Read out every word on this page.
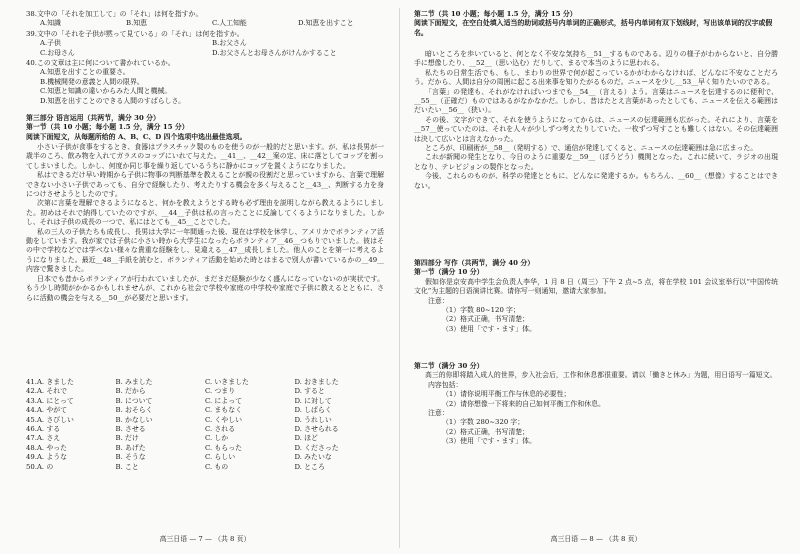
38.文中の「それを加工して」の「それ」は何を指すか。

A.知識	B.知恵	C.人工知能	D.知恵を出すこと

39.文中の「それを子供が黙って見ている」の「それ」は何を指すか。

A.子供	B.お父さん
C.お母さん	D.お父さんとお母さんがけんかすること

40.この文章は主に何について書かれているか。

A.知恵を出すことの重要さ。

B.機械開発の意義と人間の限界。

C.知恵と知識の違いからみた人間と機械。

D.知恵を出すことのできる人間のすばらしさ。

第三部分 语言运用（共两节，满分 30 分）

第一节（共 10 小题；每小题 1.5 分，满分 15 分）

阅读下面短文，从每题所给的 A、B、C、D 四个选项中选出最佳选项。

小さい子供が食事をするとき、食器はプラスチック製のものを使うのが一般的だと思います。が、私は長男が一歳半のころ、飲み物を入れてガラスのコップにいれて与えた。__41__、__42__案の定、床に落としてコップを割ってしまいました。しかし、何度か同じ事を繰り返しているうちに静かにコップを置くようになりました。

私はできるだけ早い時期から子供に物事の判断基準を教えることが親の役割だと思っていますから、言葉で理解できない小さい子供であっても、自分で経験したり、考えたりする機会を多く与えること__43__、判断する力を身につけさせようとしたのです。

次第に言葉を理解できるようになると、何かを教えようとする時も必ず理由を説明しながら教えるようにしました。初めはそれで納得していたのですが、__44__子供は私の言ったことに反論してくるようになりました。しかし、それは子供の成長の一つで、私にはとても__45__ことでした。

私の三人の子供たちも成長し、長男は大学に一年間通った後、現在は学校を休学し、アメリカでボランティア活動をしています。我が家では子供に小さい時から大学生になったらボランティア__46__つもりでいました。彼はその中で学校などでは学べない様々な貴重な経験をし、見違える__47__成長しました。他人のことを第一に考えるようになりました。最近__48__手紙を読むと、ボランティア活動を始めた時とはまるで別人が書いているかの__49__内容で驚きました。

日本でも昔からボランティアが行われていましたが、まだまだ経験が少なく盛んになっていないのが実状です。もう少し時間がかかるかもしれませんが、これから社会で学校や家庭の中学校や家庭で子供に教えるとともに、さらに活動の機会を与える__50__が必要だと思います。

41.A. きました	B. みました	C. いきました	D. おきました
42.A. それで	B. だから	C. つまり	D. すると
43.A. にとって	B. について	C. によって	D. に対して
44.A. やがて	B. おそらく	C. まもなく	D. しばらく
45.A. さびしい	B. かなしい	C. くやしい	D. うれしい
46.A. する	B. させる	C. される	D. させられる
47.A. さえ	B. だけ	C. しか	D. ほど
48.A. やった	B. あげた	C. もらった	D. くださった
49.A. ような	B. そうな	C. らしい	D. みたいな
50.A. の	B. こと	C. もの	D. ところ
高三日语 — 7 — （共 8 页）

第二节（共 10 小题；每小题 1.5 分，满分 15 分）

阅读下面短文，在空白处填入适当的助词或括号内单词的正确形式，括号内单词有双下划线时，写出该单词的汉字或假名。

暗いところを歩いていると、何となく不安な気持ち__51__するものである。辺りの様子がわからないと、自分勝手に想像したり、__52__（思い込む）だりして、まるで本当のように思われる。

私たちの日常生活でも、もし、まわりの世界で何が起こっているかがわからなければ、どんなに不安なことだろう。だから、人間は自分の周囲に起こる出来事を知りたがるものだ。ニュースを少し__53__早く知りたいのである。

「言葉」の発達も、それがなければいつまでも__54__（言える）よう。言葉はニュースを伝達するのに便利で、__55__（正確だ）ものではあるがなかなかだ。しかし、昔はたとえ言葉があったとしても、ニュースを伝える範囲はだいたい__56__（狭い）。

その後、文字ができて、それを使うようになってからは、ニュースの伝達範囲も広がった。それにより、言葉を__57__使っていたのは、それを人々が少しずつ考えたりしていた。一枚ずつ写すことも難しくはない。その伝達範囲は決して広いとは言えなかった。

ところが、印刷術が__58__（発明する）で、通信が発達してくると、ニュースの伝達範囲は急に広まった。

これが新聞の発生となり、今日のように重要な__59__（ぼうどう）機関となった。これに続いて、ラジオの出現となり、テレビジョンの製作となった。

今後、これらのものが、科学の発達とともに、どんなに発達するか。もちろん、__60__（想像）することはできない。

第四部分 写作（共两节，满分 40 分）

第一节（满分 10 分）

假如你是京安高中学生会负责人李华，1 月 8 日（周三）下午 2 点~5 点，将在学校 101 会议室举行以“中国传统文化”为主题的日语演讲比赛。请你写一则通知，邀请大家参加。

注意：

（1）字数 80~120 字；

（2）格式正确，书写清楚；

（3）使用「です・ます」体。

第二节（满分 30 分）

高三的你即将踏入成人的世界，步入社会后，工作和休息都很重要。请以「働きと休み」为题，用日语写一篇短文。

内容包括：

（1）请你说明平衡工作与休息的必要性；

（2）请你想像一下将来的自己如何平衡工作和休息。

注意：

（1）字数 280~320 字；

（2）格式正确，书写清楚；

（3）使用「です・ます」体。

高三日语 — 8 — （共 8 页）
